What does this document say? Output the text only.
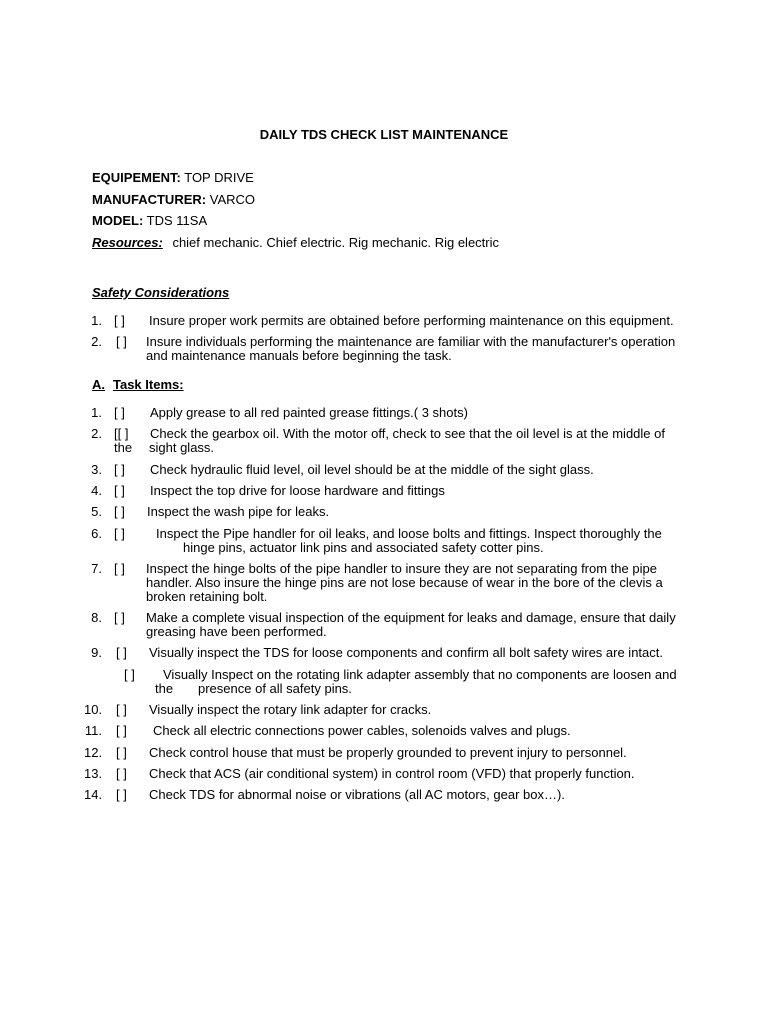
DAILY TDS CHECK LIST MAINTENANCE
EQUIPEMENT: TOP DRIVE
MANUFACTURER: VARCO
MODEL: TDS 11SA
Resources: chief mechanic. Chief electric. Rig mechanic. Rig electric
Safety Considerations
1. [ ] Insure proper work permits are obtained before performing maintenance on this equipment.
2. [ ] Insure individuals performing the maintenance are familiar with the manufacturer's operation
and maintenance manuals before beginning the task.
A. Task Items:
1. [ ] Apply grease to all red painted grease fittings.( 3 shots)
2. [[ ] Check the gearbox oil. With the motor off, check to see that the oil level is at the middle of
the sight glass.
3. [ ] Check hydraulic fluid level, oil level should be at the middle of the sight glass.
4. [ ] Inspect the top drive for loose hardware and fittings
5. [ ] Inspect the wash pipe for leaks.
6. [ ] Inspect the Pipe handler for oil leaks, and loose bolts and fittings. Inspect thoroughly the
hinge pins, actuator link pins and associated safety cotter pins.
7. [ ] Inspect the hinge bolts of the pipe handler to insure they are not separating from the pipe
handler. Also insure the hinge pins are not lose because of wear in the bore of the clevis a
broken retaining bolt.
8. [ ] Make a complete visual inspection of the equipment for leaks and damage, ensure that daily
greasing have been performed.
9. [ ] Visually inspect the TDS for loose components and confirm all bolt safety wires are intact.
[ ] Visually Inspect on the rotating link adapter assembly that no components are loosen and
the presence of all safety pins.
10. [ ] Visually inspect the rotary link adapter for cracks.
11. [ ] Check all electric connections power cables, solenoids valves and plugs.
12. [ ] Check control house that must be properly grounded to prevent injury to personnel.
13. [ ] Check that ACS (air conditional system) in control room (VFD) that properly function.
14. [ ] Check TDS for abnormal noise or vibrations (all AC motors, gear box…).
